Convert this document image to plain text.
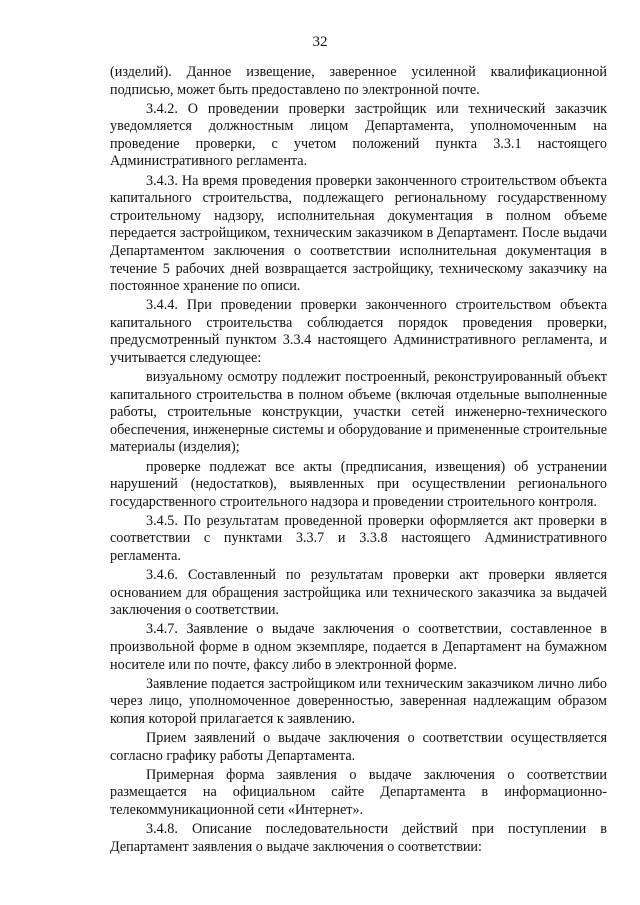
32

(изделий). Данное извещение, заверенное усиленной квалификационной подписью, может быть предоставлено по электронной почте.

3.4.2. О проведении проверки застройщик или технический заказчик уведомляется должностным лицом Департамента, уполномоченным на проведение проверки, с учетом положений пункта 3.3.1 настоящего Административного регламента.

3.4.3. На время проведения проверки законченного строительством объекта капитального строительства, подлежащего региональному государственному строительному надзору, исполнительная документация в полном объеме передается застройщиком, техническим заказчиком в Департамент. После выдачи Департаментом заключения о соответствии исполнительная документация в течение 5 рабочих дней возвращается застройщику, техническому заказчику на постоянное хранение по описи.

3.4.4. При проведении проверки законченного строительством объекта капитального строительства соблюдается порядок проведения проверки, предусмотренный пунктом 3.3.4 настоящего Административного регламента, и учитывается следующее:

визуальному осмотру подлежит построенный, реконструированный объект капитального строительства в полном объеме (включая отдельные выполненные работы, строительные конструкции, участки сетей инженерно-технического обеспечения, инженерные системы и оборудование и примененные строительные материалы (изделия);

проверке подлежат все акты (предписания, извещения) об устранении нарушений (недостатков), выявленных при осуществлении регионального государственного строительного надзора и проведении строительного контроля.

3.4.5. По результатам проведенной проверки оформляется акт проверки в соответствии с пунктами 3.3.7 и 3.3.8 настоящего Административного регламента.

3.4.6. Составленный по результатам проверки акт проверки является основанием для обращения застройщика или технического заказчика за выдачей заключения о соответствии.

3.4.7. Заявление о выдаче заключения о соответствии, составленное в произвольной форме в одном экземпляре, подается в Департамент на бумажном носителе или по почте, факсу либо в электронной форме.

Заявление подается застройщиком или техническим заказчиком лично либо через лицо, уполномоченное доверенностью, заверенная надлежащим образом копия которой прилагается к заявлению.

Прием заявлений о выдаче заключения о соответствии осуществляется согласно графику работы Департамента.

Примерная форма заявления о выдаче заключения о соответствии размещается на официальном сайте Департамента в информационно-телекоммуникационной сети «Интернет».

3.4.8. Описание последовательности действий при поступлении в Департамент заявления о выдаче заключения о соответствии:
